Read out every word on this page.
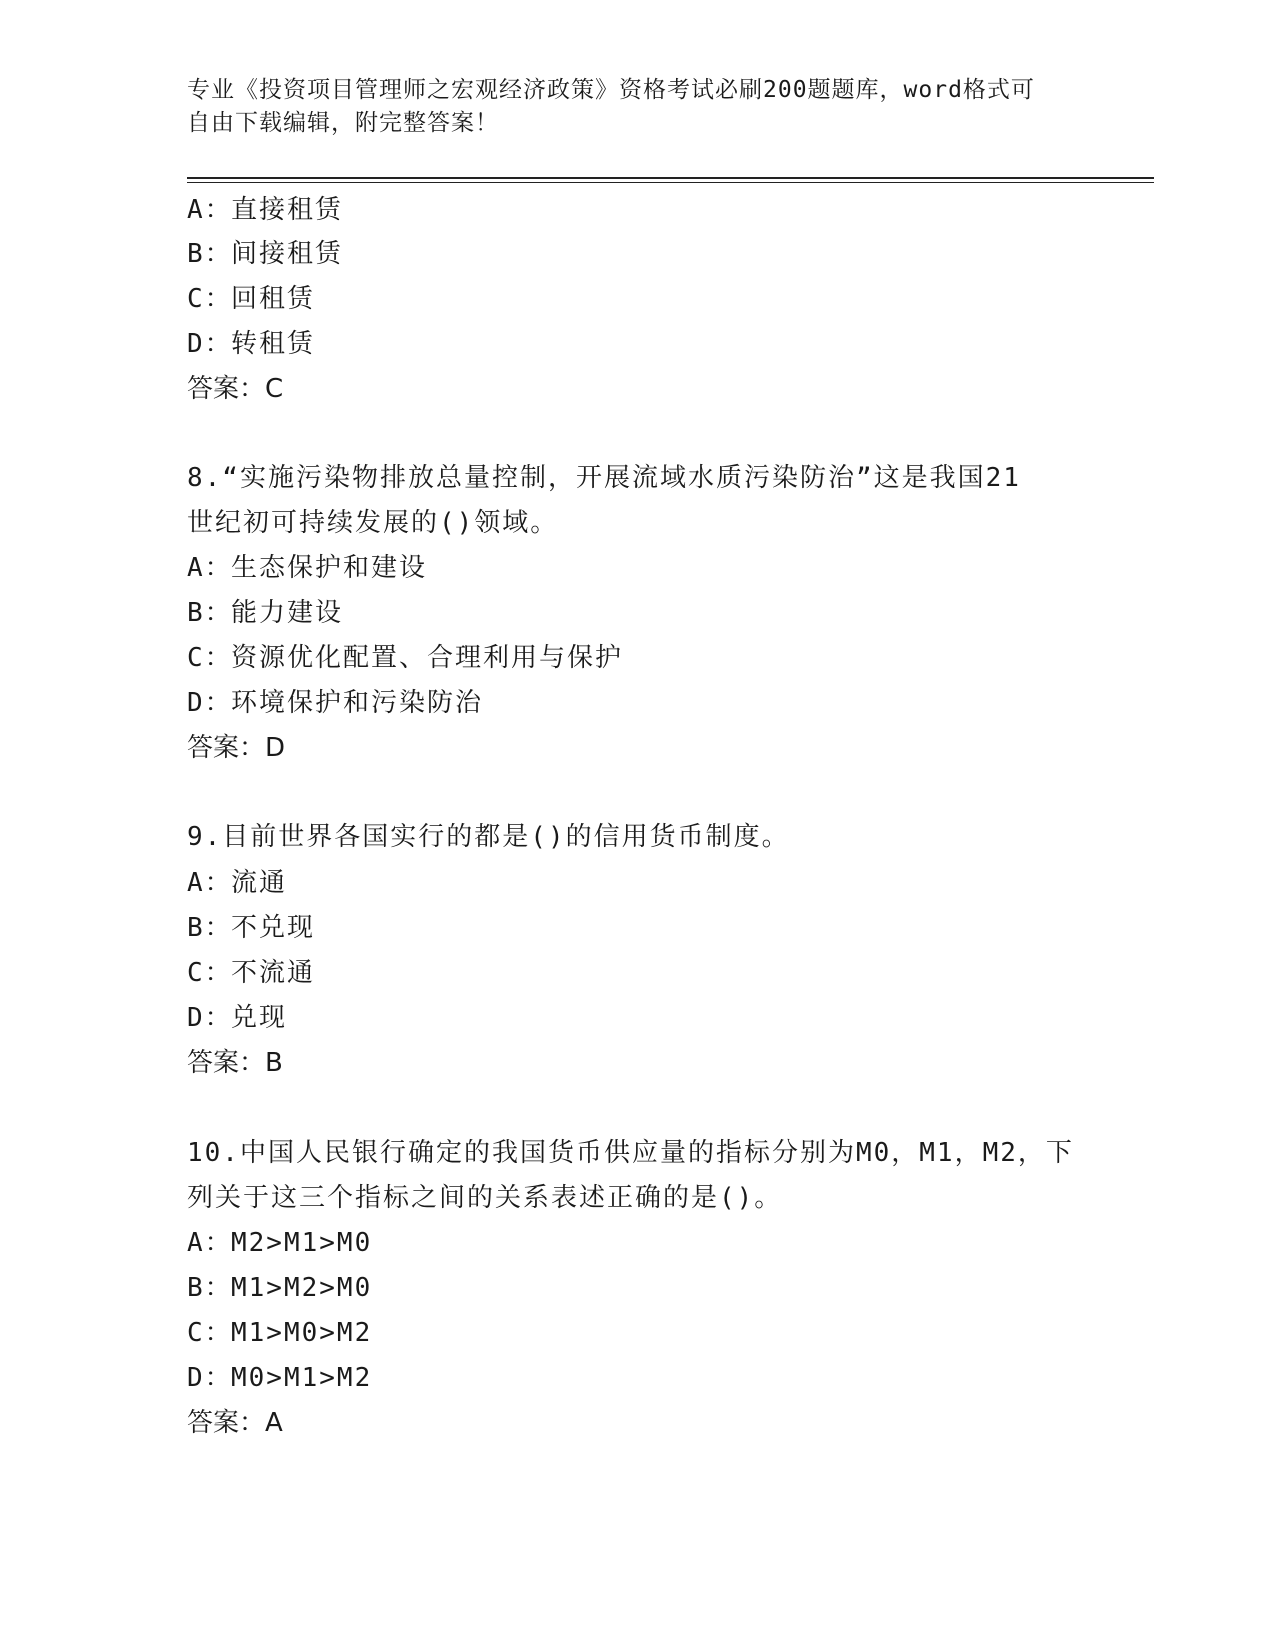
专业《投资项目管理师之宏观经济政策》资格考试必刷200题题库，word格式可
自由下载编辑，附完整答案！
A：直接租赁
B：间接租赁
C：回租赁
D：转租赁
答案：C
8.“实施污染物排放总量控制，开展流域水质污染防治”这是我国21
世纪初可持续发展的()领域。
A：生态保护和建设
B：能力建设
C：资源优化配置、合理利用与保护
D：环境保护和污染防治
答案：D
9.目前世界各国实行的都是()的信用货币制度。
A：流通
B：不兑现
C：不流通
D：兑现
答案：B
10.中国人民银行确定的我国货币供应量的指标分别为M0，M1，M2，下
列关于这三个指标之间的关系表述正确的是()。
A：M2>M1>M0
B：M1>M2>M0
C：M1>M0>M2
D：M0>M1>M2
答案：A
